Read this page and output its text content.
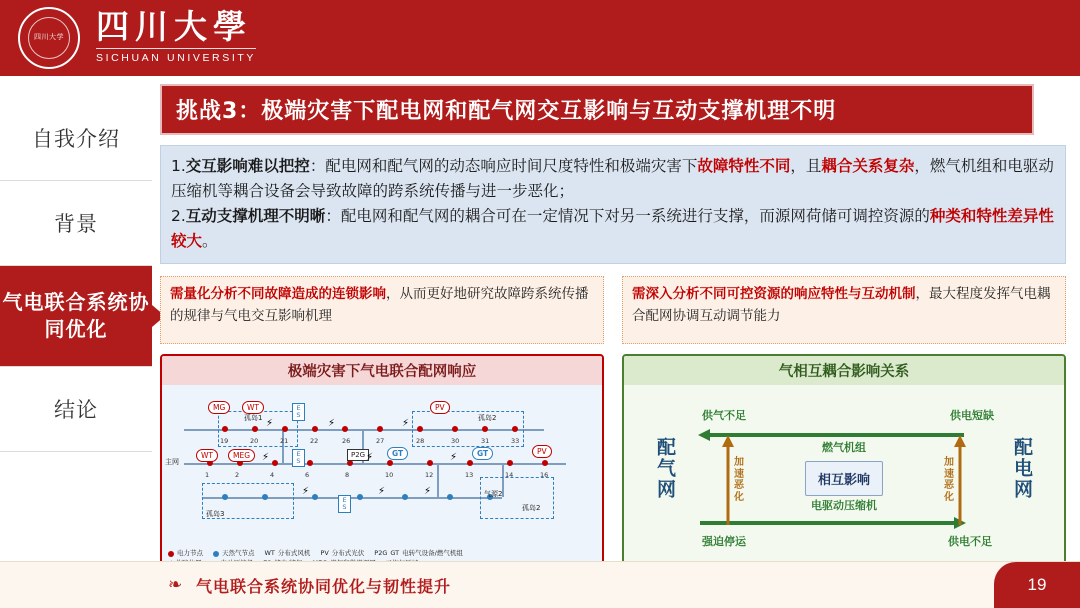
四川大学 四川大學
SICHUAN UNIVERSITY
自我介绍
背景
气电联合系统协同优化
结论
挑战3：极端灾害下配电网和配气网交互影响与互动支撑机理不明
1.交互影响难以把控：配电网和配气网的动态响应时间尺度特性和极端灾害下故障特性不同，且耦合关系复杂，燃气机组和电驱动压缩机等耦合设备会导致故障的跨系统传播与进一步恶化；
2.互动支撑机理不明晰：配电网和配气网的耦合可在一定情况下对另一系统进行支撑，而源网荷储可调控资源的种类和特性差异性较大。
需量化分析不同故障造成的连锁影响，从而更好地研究故障跨系统传播的规律与气电交互影响机理
极端灾害下气电联合配网响应
19	20	21	22	26	27	28	30	31	33
1	2	4	6	8	10	12	13	14	16
MG	WT	PV
PV
WT	MEG	GT	GT
P2G
E
S
E
S
E
S
主网
孤岛3
孤岛1	孤岛2
气源2
孤岛2
⚡	⚡	⚡
⚡	⚡	⚡
⚡	⚡	⚡
电力节点	天然气节点 WT 分布式风机 PV 分布式光伏 P2G GT 电转气设备/燃气机组
需深入分析不同可控资源的响应特性与互动机制，最大程度发挥气电耦合配网协调互动调节能力
气相互耦合影响关系
配气网	配电网
相互影响
供气不足	供电短缺
燃气机组
强迫停运	供电不足
电驱动压缩机
加
速
恶
化
加
速
恶
化
❧ 气电联合系统协同优化与韧性提升	19
